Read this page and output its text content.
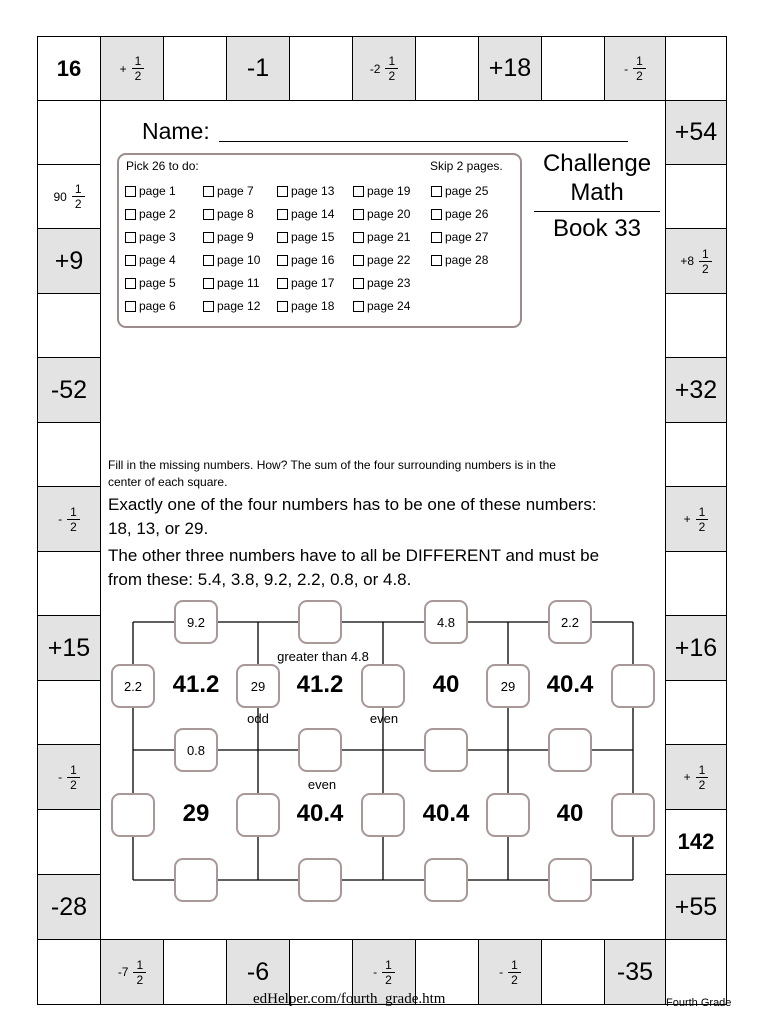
16	+ $\frac{1}{2}$	-1	$-2 \frac{1}{2}$	+18	- $\frac{1}{2}$
+54
$+8 \frac{1}{2}$
+32
+ $\frac{1}{2}$
+16
+ $\frac{1}{2}$
142
+55
$90 \frac{1}{2}$
+9
-52
- $\frac{1}{2}$
+15
- $\frac{1}{2}$
-28
$-7 \frac{1}{2}$	-6	- $\frac{1}{2}$	- $\frac{1}{2}$	-35
Name:
Challenge
Math
Book 33
Pick 26 to do:	Skip 2 pages.
page 1
page 2
page 3
page 4
page 5
page 6
page 7
page 8
page 9
page 10
page 11
page 12
page 13
page 14
page 15
page 16
page 17
page 18
page 19
page 20
page 21
page 22
page 23
page 24
page 25
page 26
page 27
page 28
Fill in the missing numbers. How? The sum of the four surrounding numbers is in the
center of each square.
Exactly one of the four numbers has to be one of these numbers:
18, 13, or 29.
The other three numbers have to all be DIFFERENT and must be
from these: 5.4, 3.8, 9.2, 2.2, 0.8, or 4.8.
9.2	4.8	2.2
0.8
2.2	29	29
41.2	41.2	40	40.4
29	40.4	40.4	40
greater than 4.8
odd	even
even
edHelper.com/fourth_grade.htm	Fourth Grade
